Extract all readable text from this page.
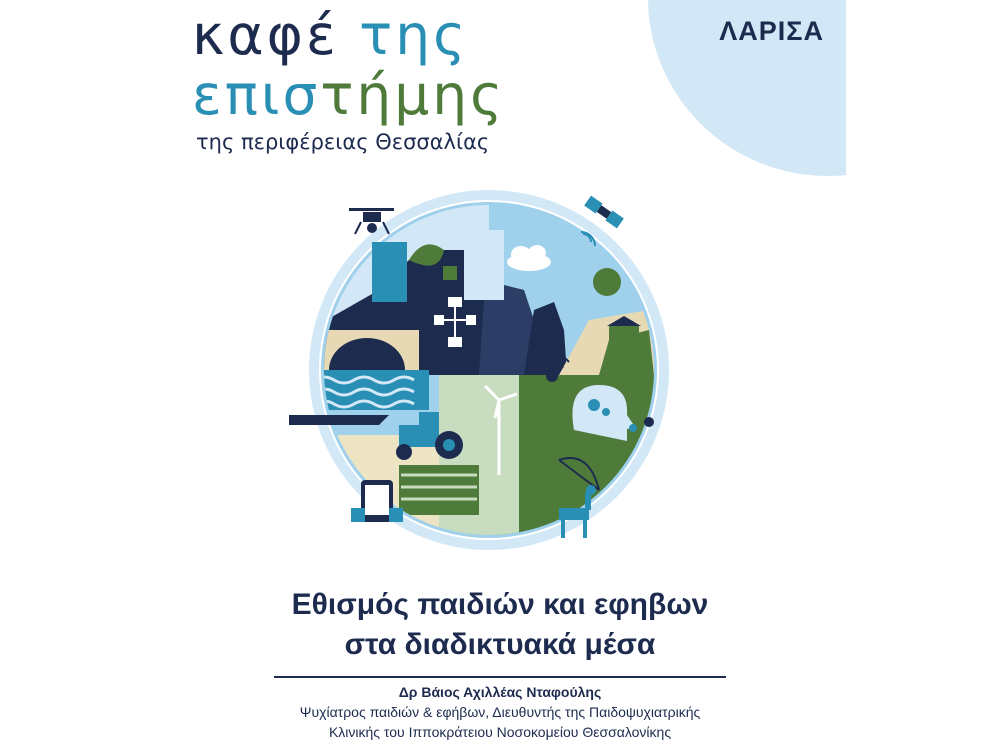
ΛΑΡΙΣΑ
καφέ της
επιστήμης
της περιφέρειας Θεσσαλίας
Εθισμός παιδιών και εφηβων
στα διαδικτυακά μέσα
Δρ Βάιος Αχιλλέας Νταφούλης
Ψυχίατρος παιδιών & εφήβων, Διευθυντής της Παιδοψυχιατρικής
Κλινικής του Ιπποκράτειου Νοσοκομείου Θεσσαλονίκης
